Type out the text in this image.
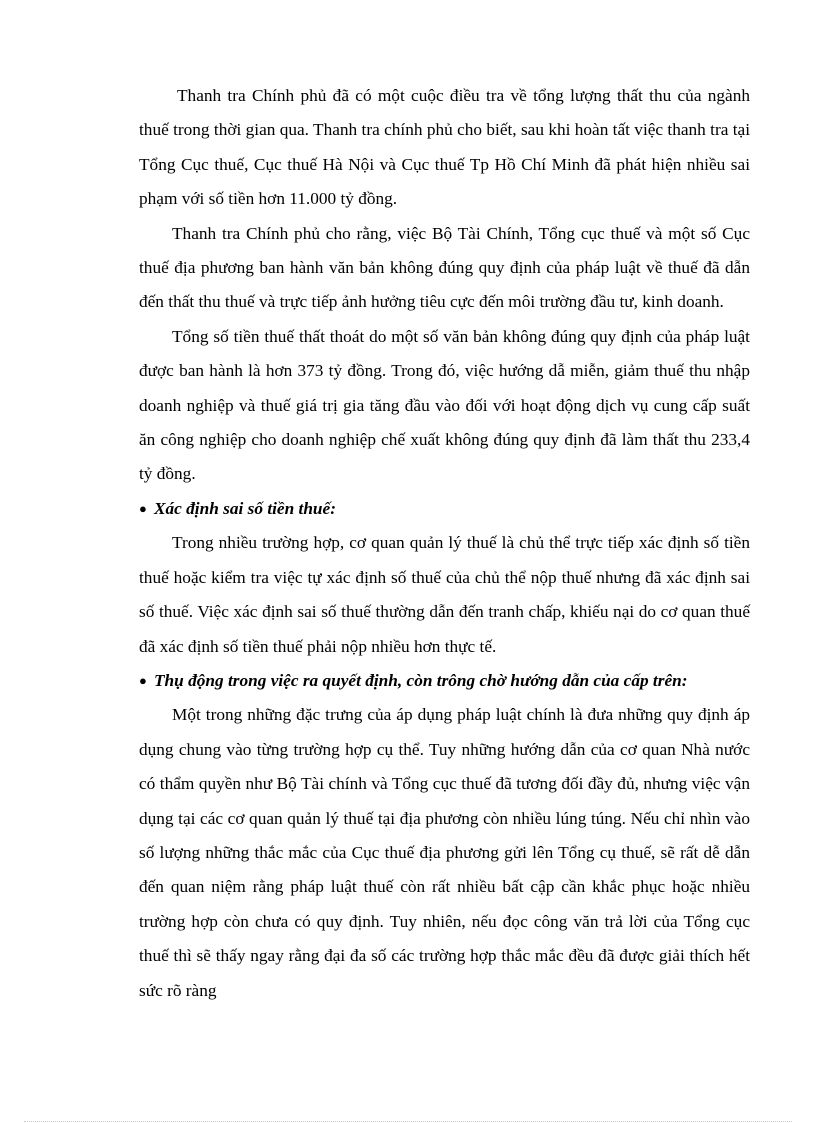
Thanh tra Chính phủ đã có một cuộc điều tra về tổng lượng thất thu của ngành thuế trong thời gian qua. Thanh tra chính phủ cho biết, sau khi hoàn tất việc thanh tra tại Tổng Cục thuế, Cục thuế Hà Nội và Cục thuế Tp Hồ Chí Minh đã phát hiện nhiều sai phạm với số tiền hơn 11.000 tỷ đồng.

Thanh tra Chính phủ cho rằng, việc Bộ Tài Chính, Tổng cục thuế và một số Cục thuế địa phương ban hành văn bản không đúng quy định của pháp luật về thuế đã dẫn đến thất thu thuế và trực tiếp ảnh hưởng tiêu cực đến môi trường đầu tư, kinh doanh.

Tổng số tiền thuế thất thoát do một số văn bản không đúng quy định của pháp luật được ban hành là hơn 373 tỷ đồng. Trong đó, việc hướng dẫ miễn, giảm thuế thu nhập doanh nghiệp và thuế giá trị gia tăng đầu vào đối với hoạt động dịch vụ cung cấp suất ăn công nghiệp cho doanh nghiệp chế xuất không đúng quy định đã làm thất thu 233,4 tỷ đồng.

● Xác định sai số tiền thuế:

Trong nhiều trường hợp, cơ quan quản lý thuế là chủ thể trực tiếp xác định số tiền thuế hoặc kiểm tra việc tự xác định số thuế của chủ thể nộp thuế nhưng đã xác định sai số thuế. Việc xác định sai số thuế thường dẫn đến tranh chấp, khiếu nại do cơ quan thuế đã xác định số tiền thuế phải nộp nhiều hơn thực tế.

● Thụ động trong việc ra quyết định, còn trông chờ hướng dẫn của cấp trên:

Một trong những đặc trưng của áp dụng pháp luật chính là đưa những quy định áp dụng chung vào từng trường hợp cụ thể. Tuy những hướng dẫn của cơ quan Nhà nước có thẩm quyền như Bộ Tài chính và Tổng cục thuế đã tương đối đầy đủ, nhưng việc vận dụng tại các cơ quan quản lý thuế tại địa phương còn nhiều lúng túng. Nếu chỉ nhìn vào số lượng những thắc mắc của Cục thuế địa phương gửi lên Tổng cụ thuế, sẽ rất dễ dẫn đến quan niệm rằng pháp luật thuế còn rất nhiều bất cập cần khắc phục hoặc nhiều trường hợp còn chưa có quy định. Tuy nhiên, nếu đọc công văn trả lời của Tổng cục thuế thì sẽ thấy ngay rằng đại đa số các trường hợp thắc mắc đều đã được giải thích hết sức rõ ràng
